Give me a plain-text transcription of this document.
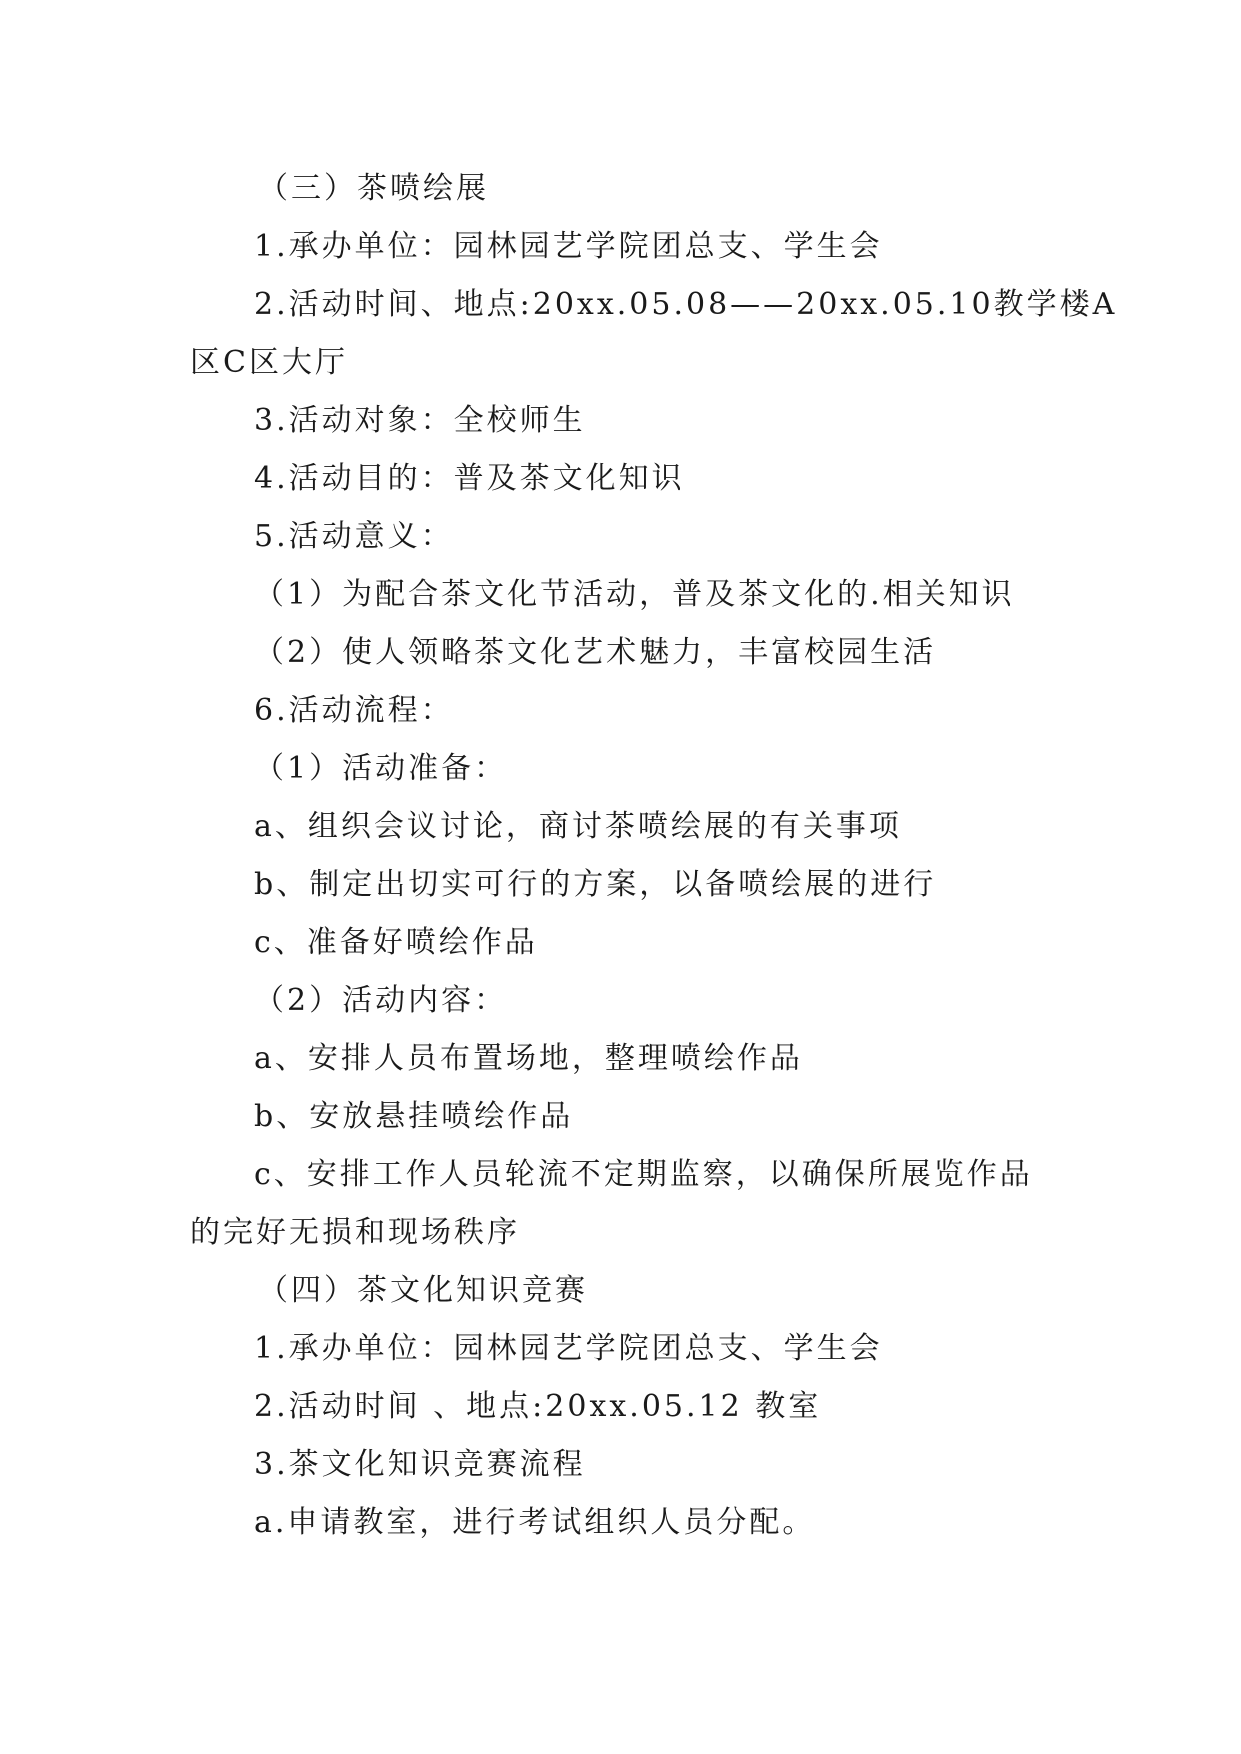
（三）茶喷绘展
1.承办单位：园林园艺学院团总支、学生会
2.活动时间、地点:20xx.05.08——20xx.05.10教学楼A
区C区大厅
3.活动对象：全校师生
4.活动目的：普及茶文化知识
5.活动意义：
（1）为配合茶文化节活动，普及茶文化的.相关知识
（2）使人领略茶文化艺术魅力，丰富校园生活
6.活动流程：
（1）活动准备：
a、组织会议讨论，商讨茶喷绘展的有关事项
b、制定出切实可行的方案，以备喷绘展的进行
c、准备好喷绘作品
（2）活动内容：
a、安排人员布置场地，整理喷绘作品
b、安放悬挂喷绘作品
c、安排工作人员轮流不定期监察，以确保所展览作品
的完好无损和现场秩序
（四）茶文化知识竞赛
1.承办单位：园林园艺学院团总支、学生会
2.活动时间 、地点:20xx.05.12 教室
3.茶文化知识竞赛流程
a.申请教室，进行考试组织人员分配。
